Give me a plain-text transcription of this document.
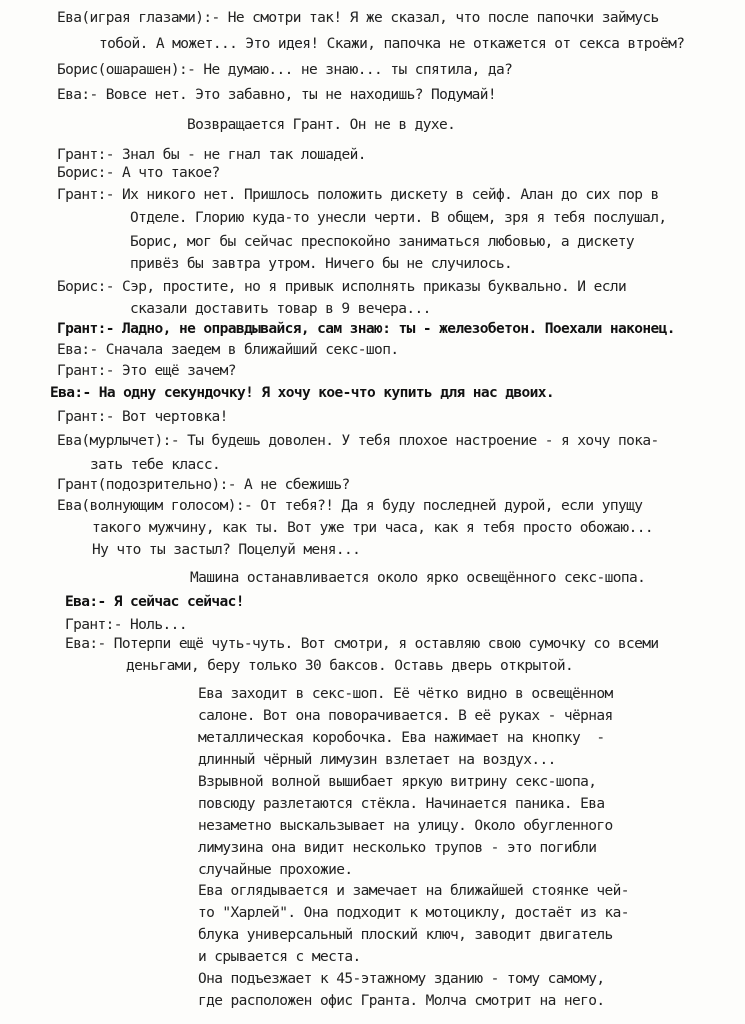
Ева(играя глазами):- Не смотри так! Я же сказал, что после папочки займусь
тобой. А может... Это идея! Скажи, папочка не откажется от секса втроём?
Борис(ошарашен):- Не думаю... не знаю... ты спятила, да?
Ева:- Вовсе нет. Это забавно, ты не находишь? Подумай!
Возвращается Грант. Он не в духе.
Грант:- Знал бы - не гнал так лошадей.
Борис:- А что такое?
Грант:- Их никого нет. Пришлось положить дискету в сейф. Алан до сих пор в
Отделе. Глорию куда-то унесли черти. В общем, зря я тебя послушал,
Борис, мог бы сейчас преспокойно заниматься любовью, а дискету
привёз бы завтра утром. Ничего бы не случилось.
Борис:- Сэр, простите, но я привык исполнять приказы буквально. И если
сказали доставить товар в 9 вечера...
Грант:- Ладно, не оправдывайся, сам знаю: ты - железобетон. Поехали наконец.
Ева:- Сначала заедем в ближайший секс-шоп.
Грант:- Это ещё зачем?
Ева:- На одну секундочку! Я хочу кое-что купить для нас двоих.
Грант:- Вот чертовка!
Ева(мурлычет):- Ты будешь доволен. У тебя плохое настроение - я хочу пока-
зать тебе класс.
Грант(подозрительно):- А не сбежишь?
Ева(волнующим голосом):- От тебя?! Да я буду последней дурой, если упущу
такого мужчину, как ты. Вот уже три часа, как я тебя просто обожаю...
Ну что ты застыл? Поцелуй меня...
Машина останавливается около ярко освещённого секс-шопа.
Ева:- Я сейчас сейчас!
Грант:- Ноль...
Ева:- Потерпи ещё чуть-чуть. Вот смотри, я оставляю свою сумочку со всеми
деньгами, беру только 30 баксов. Оставь дверь открытой.
Ева заходит в секс-шоп. Её чётко видно в освещённом
салоне. Вот она поворачивается. В её руках - чёрная
металлическая коробочка. Ева нажимает на кнопку  -
длинный чёрный лимузин взлетает на воздух...
Взрывной волной вышибает яркую витрину секс-шопа,
повсюду разлетаются стёкла. Начинается паника. Ева
незаметно выскальзывает на улицу. Около обугленного
лимузина она видит несколько трупов - это погибли
случайные прохожие.
Ева оглядывается и замечает на ближайшей стоянке чей-
то "Харлей". Она подходит к мотоциклу, достаёт из ка-
блука универсальный плоский ключ, заводит двигатель
и срывается с места.
Она подъезжает к 45-этажному зданию - тому самому,
где расположен офис Гранта. Молча смотрит на него.
